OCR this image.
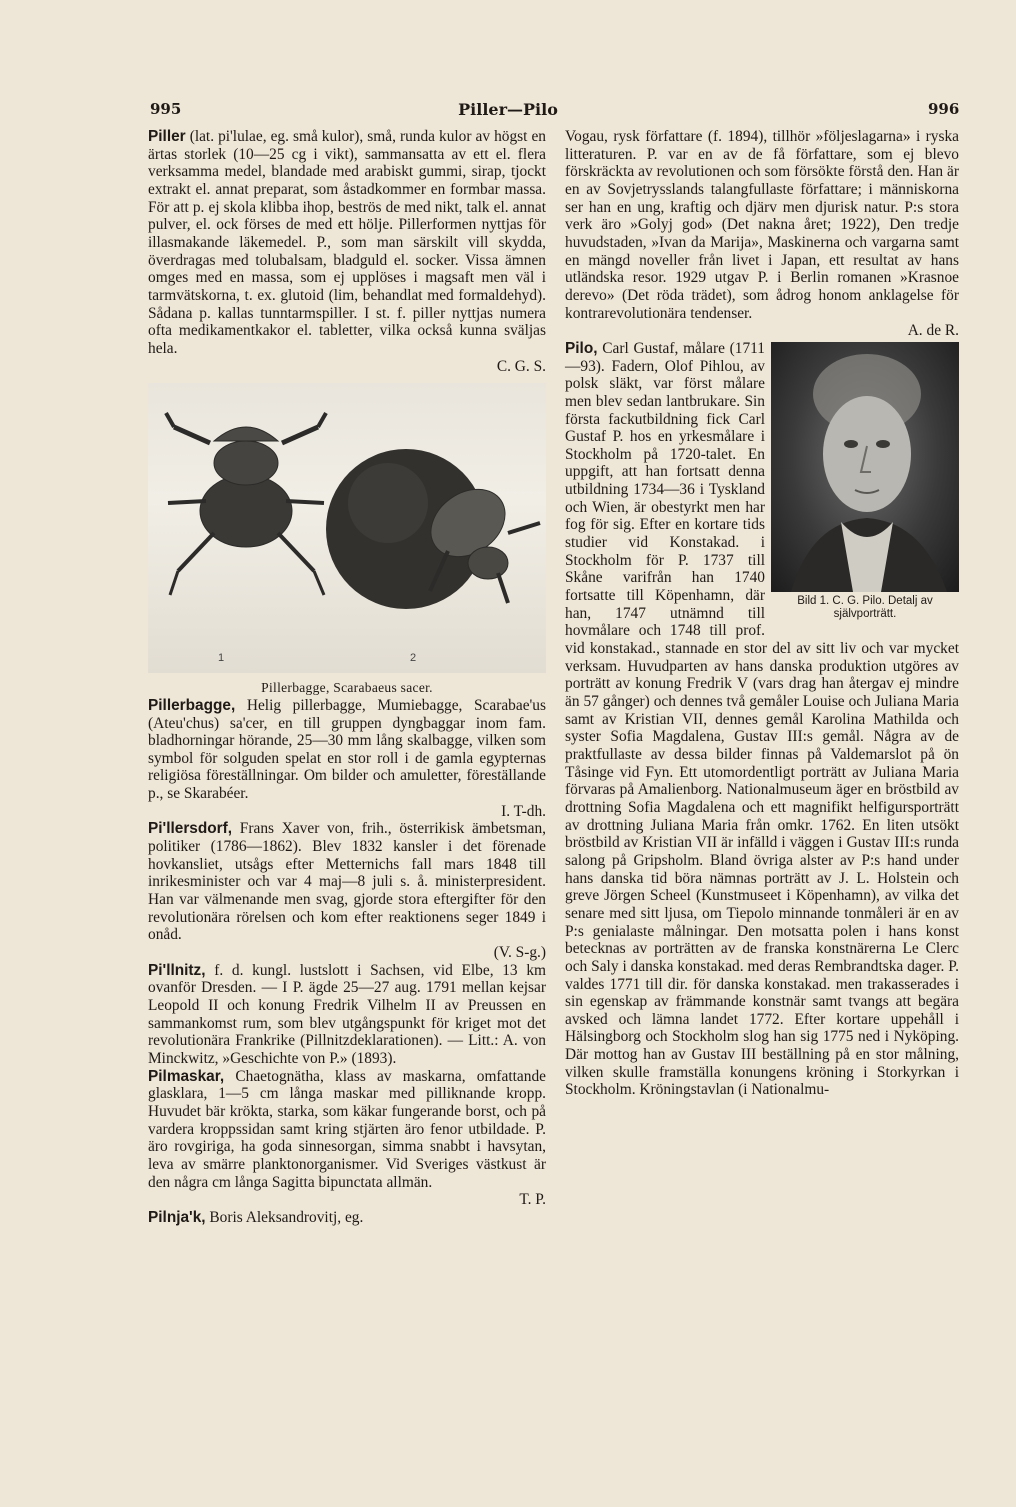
995	Piller—Pilo	996

Piller (lat. pi'lulae, eg. små kulor), små, runda kulor av högst en ärtas storlek (10—25 cg i vikt), sammansatta av ett el. flera verksamma medel, blandade med arabiskt gummi, sirap, tjockt extrakt el. annat preparat, som åstadkommer en formbar massa. För att p. ej skola klibba ihop, beströs de med nikt, talk el. annat pulver, el. ock förses de med ett hölje. Pillerformen nyttjas för illasmakande läkemedel. P., som man särskilt vill skydda, överdragas med tolubalsam, bladguld el. socker. Vissa ämnen omges med en massa, som ej upplöses i magsaft men väl i tarmvätskorna, t. ex. glutoid (lim, behandlat med formaldehyd). Sådana p. kallas tunntarmspiller. I st. f. piller nyttjas numera ofta medikamentkakor el. tabletter, vilka också kunna sväljas hela.
C. G. S.

1	2

Pillerbagge, Scarabaeus sacer.

Pillerbagge, Helig pillerbagge, Mumiebagge, Scarabae'us (Ateu'chus) sa'cer, en till gruppen dyngbaggar inom fam. bladhorningar hörande, 25—30 mm lång skalbagge, vilken som symbol för solguden spelat en stor roll i de gamla egypternas religiösa föreställningar. Om bilder och amuletter, föreställande p., se Skarabéer.
I. T-dh.

Pi'llersdorf, Frans Xaver von, frih., österrikisk ämbetsman, politiker (1786—1862). Blev 1832 kansler i det förenade hovkansliet, utsågs efter Metternichs fall mars 1848 till inrikesminister och var 4 maj—8 juli s. å. ministerpresident. Han var välmenande men svag, gjorde stora eftergifter för den revolutionära rörelsen och kom efter reaktionens seger 1849 i onåd.
(V. S-g.)

Pi'llnitz, f. d. kungl. lustslott i Sachsen, vid Elbe, 13 km ovanför Dresden. — I P. ägde 25—27 aug. 1791 mellan kejsar Leopold II och konung Fredrik Vilhelm II av Preussen en sammankomst rum, som blev utgångspunkt för kriget mot det revolutionära Frankrike (Pillnitzdeklarationen). — Litt.: A. von Minckwitz, »Geschichte von P.» (1893).

Pilmaskar, Chaetognätha, klass av maskarna, omfattande glasklara, 1—5 cm långa maskar med pilliknande kropp. Huvudet bär krökta, starka, som käkar fungerande borst, och på vardera kroppssidan samt kring stjärten äro fenor utbildade. P. äro rovgiriga, ha goda sinnesorgan, simma snabbt i havsytan, leva av smärre planktonorganismer. Vid Sveriges västkust är den några cm långa Sagitta bipunctata allmän.
T. P.

Pilnja'k, Boris Aleksandrovitj, eg.

Vogau, rysk författare (f. 1894), tillhör »följeslagarna» i ryska litteraturen. P. var en av de få författare, som ej blevo förskräckta av revolutionen och som försökte förstå den. Han är en av Sovjetrysslands talangfullaste författare; i människorna ser han en ung, kraftig och djärv men djurisk natur. P:s stora verk äro »Golyj god» (Det nakna året; 1922), Den tredje huvudstaden, »Ivan da Marija», Maskinerna och vargarna samt en mängd noveller från livet i Japan, ett resultat av hans utländska resor. 1929 utgav P. i Berlin romanen »Krasnoe derevo» (Det röda trädet), som ådrog honom anklagelse för kontrarevolutionära tendenser.
A. de R.

Pilo,
Bild 1. C. G. Pilo. Detalj av självporträtt.
Carl Gustaf, målare (1711—93). Fadern, Olof Pihlou, av polsk släkt, var först målare men blev sedan lantbrukare. Sin första fackutbildning fick Carl Gustaf P. hos en yrkesmålare i Stockholm på 1720-talet. En uppgift, att han fortsatt denna utbildning 1734—36 i Tyskland och Wien, är obestyrkt men har fog för sig. Efter en kortare tids studier vid Konstakad. i Stockholm för P. 1737 till Skåne varifrån han 1740 fortsatte till Köpenhamn, där han, 1747 utnämnd till hovmålare och 1748 till prof. vid konstakad., stannade en stor del av sitt liv och var mycket verksam. Huvudparten av hans danska produktion utgöres av porträtt av konung Fredrik V (vars drag han återgav ej mindre än 57 gånger) och dennes två gemåler Louise och Juliana Maria samt av Kristian VII, dennes gemål Karolina Mathilda och syster Sofia Magdalena, Gustav III:s gemål. Några av de praktfullaste av dessa bilder finnas på Valdemarslot på ön Tåsinge vid Fyn. Ett utomordentligt porträtt av Juliana Maria förvaras på Amalienborg. Nationalmuseum äger en bröstbild av drottning Sofia Magdalena och ett magnifikt helfigursporträtt av drottning Juliana Maria från omkr. 1762. En liten utsökt bröstbild av Kristian VII är infälld i väggen i Gustav III:s runda salong på Gripsholm. Bland övriga alster av P:s hand under hans danska tid böra nämnas porträtt av J. L. Holstein och greve Jörgen Scheel (Kunstmuseet i Köpenhamn), av vilka det senare med sitt ljusa, om Tiepolo minnande tonmåleri är en av P:s genialaste målningar. Den motsatta polen i hans konst betecknas av porträtten av de franska konstnärerna Le Clerc och Saly i danska konstakad. med deras Rembrandtska dager. P. valdes 1771 till dir. för danska konstakad. men trakasserades i sin egenskap av främmande konstnär samt tvangs att begära avsked och lämna landet 1772. Efter kortare uppehåll i Hälsingborg och Stockholm slog han sig 1775 ned i Nyköping. Där mottog han av Gustav III beställning på en stor målning, vilken skulle framställa konungens kröning i Storkyrkan i Stockholm. Kröningstavlan (i Nationalmu-
